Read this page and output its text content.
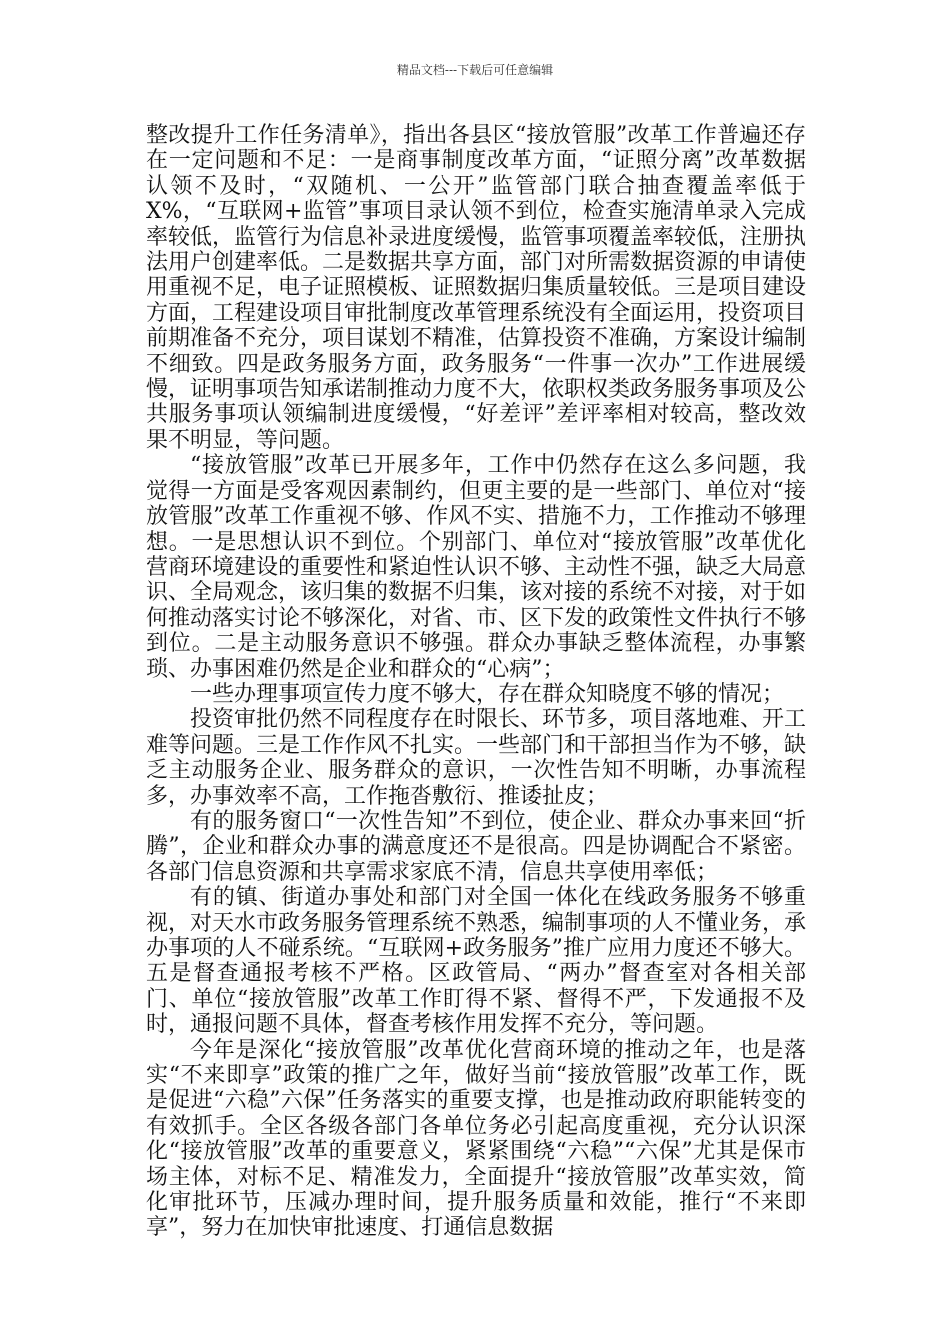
精品文档---下载后可任意编辑

整改提升工作任务清单》，指出各县区“接放管服”改革工作普遍还存在一定问题和不足：一是商事制度改革方面，“证照分离”改革数据认领不及时，“双随机、一公开”监管部门联合抽查覆盖率低于 X%，“互联网+监管”事项目录认领不到位，检查实施清单录入完成率较低，监管行为信息补录进度缓慢，监管事项覆盖率较低，注册执法用户创建率低。二是数据共享方面，部门对所需数据资源的申请使用重视不足，电子证照模板、证照数据归集质量较低。三是项目建设方面，工程建设项目审批制度改革管理系统没有全面运用，投资项目前期准备不充分，项目谋划不精准，估算投资不准确，方案设计编制不细致。四是政务服务方面，政务服务“一件事一次办”工作进展缓慢，证明事项告知承诺制推动力度不大，依职权类政务服务事项及公共服务事项认领编制进度缓慢，“好差评”差评率相对较高，整改效果不明显，等问题。

“接放管服”改革已开展多年，工作中仍然存在这么多问题，我觉得一方面是受客观因素制约，但更主要的是一些部门、单位对“接放管服”改革工作重视不够、作风不实、措施不力，工作推动不够理想。一是思想认识不到位。个别部门、单位对“接放管服”改革优化营商环境建设的重要性和紧迫性认识不够、主动性不强，缺乏大局意识、全局观念，该归集的数据不归集，该对接的系统不对接，对于如何推动落实讨论不够深化，对省、市、区下发的政策性文件执行不够到位。二是主动服务意识不够强。群众办事缺乏整体流程，办事繁琐、办事困难仍然是企业和群众的“心病”；

一些办理事项宣传力度不够大，存在群众知晓度不够的情况；

投资审批仍然不同程度存在时限长、环节多，项目落地难、开工难等问题。三是工作作风不扎实。一些部门和干部担当作为不够，缺乏主动服务企业、服务群众的意识，一次性告知不明晰，办事流程多，办事效率不高，工作拖沓敷衍、推诿扯皮；

有的服务窗口“一次性告知”不到位，使企业、群众办事来回“折腾”，企业和群众办事的满意度还不是很高。四是协调配合不紧密。各部门信息资源和共享需求家底不清，信息共享使用率低；

有的镇、街道办事处和部门对全国一体化在线政务服务不够重视，对天水市政务服务管理系统不熟悉，编制事项的人不懂业务，承办事项的人不碰系统。“互联网+政务服务”推广应用力度还不够大。五是督查通报考核不严格。区政管局、“两办”督查室对各相关部门、单位“接放管服”改革工作盯得不紧、督得不严，下发通报不及时，通报问题不具体，督查考核作用发挥不充分，等问题。

今年是深化“接放管服”改革优化营商环境的推动之年，也是落实“不来即享”政策的推广之年，做好当前“接放管服”改革工作，既是促进“六稳”六保”任务落实的重要支撑，也是推动政府职能转变的有效抓手。全区各级各部门各单位务必引起高度重视，充分认识深化“接放管服”改革的重要意义，紧紧围绕“六稳”“六保”尤其是保市场主体，对标不足、精准发力，全面提升“接放管服”改革实效，简化审批环节，压减办理时间，提升服务质量和效能，推行“不来即享”，努力在加快审批速度、打通信息数据
